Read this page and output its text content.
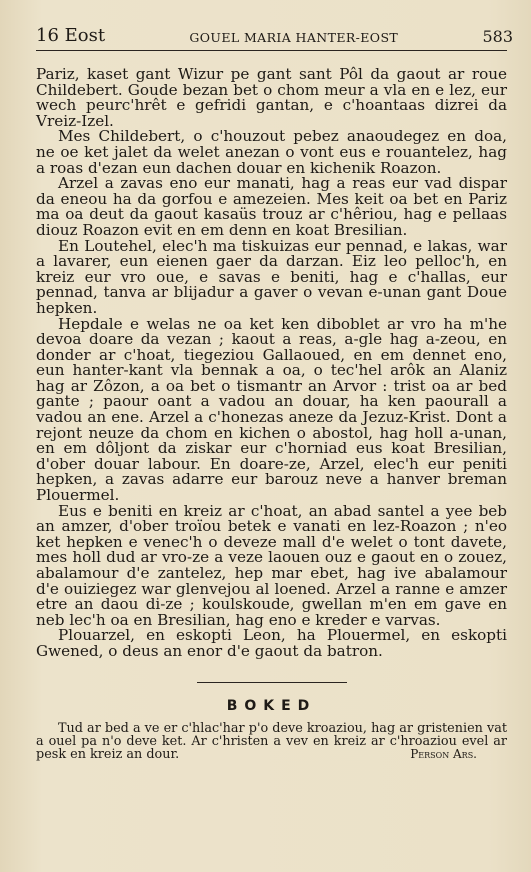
16 Eost	GOUEL MARIA HANTER-EOST	583

Pariz, kaset gant Wizur pe gant sant Pôl da gaout ar roue Childebert. Goude bezan bet o chom meur a vla en e lez, eur wech peurc'hrêt e gefridi gantan, e c'hoantaas dizrei da Vreiz-Izel.

Mes Childebert, o c'houzout pebez anaoudegez en doa, ne oe ket jalet da welet anezan o vont eus e rouantelez, hag a roas d'ezan eun dachen douar en kichenik Roazon.

Arzel a zavas eno eur manati, hag a reas eur vad dispar da eneou ha da gorfou e amezeien. Mes keit oa bet en Pariz ma oa deut da gaout kasaüs trouz ar c'hêriou, hag e pellaas diouz Roazon evit en em denn en koat Bresilian.

En Loutehel, elec'h ma tiskuizas eur pennad, e lakas, war a lavarer, eun eienen gaer da darzan. Eiz leo pelloc'h, en kreiz eur vro oue, e savas e beniti, hag e c'hallas, eur pennad, tanva ar blijadur a gaver o vevan e-unan gant Doue hepken.

Hepdale e welas ne oa ket ken diboblet ar vro ha m'he devoa doare da vezan ; kaout a reas, a-gle hag a-zeou, en donder ar c'hoat, tiegeziou Gallaoued, en em dennet eno, eun hanter-kant vla bennak a oa, o tec'hel arôk an Alaniz hag ar Zôzon, a oa bet o tismantr an Arvor : trist oa ar bed gante ; paour oant a vadou an douar, ha ken paourall a vadou an ene. Arzel a c'honezas aneze da Jezuz-Krist. Dont a rejont neuze da chom en kichen o abostol, hag holl a-unan, en em dôljont da ziskar eur c'horniad eus koat Bresilian, d'ober douar labour. En doare-ze, Arzel, elec'h eur peniti hepken, a zavas adarre eur barouz neve a hanver breman Plouermel.

Eus e beniti en kreiz ar c'hoat, an abad santel a yee beb an amzer, d'ober troïou betek e vanati en lez-Roazon ; n'eo ket hepken e venec'h o deveze mall d'e welet o tont davete, mes holl dud ar vro-ze a veze laouen ouz e gaout en o zouez, abalamour d'e zantelez, hep mar ebet, hag ive abalamour d'e ouiziegez war glenvejou al loened. Arzel a ranne e amzer etre an daou di-ze ; koulskoude, gwellan m'en em gave en neb lec'h oa en Bresilian, hag eno e kreder e varvas.

Plouarzel, en eskopti Leon, ha Plouermel, en eskopti Gwened, o deus an enor d'e gaout da batron.

BOKED

Tud ar bed a ve er c'hlac'har p'o deve kroaziou, hag ar gristenien vat a ouel pa n'o deve ket. Ar c'hristen a vev en kreiz ar c'hroaziou evel ar pesk en kreiz an dour.	Person Ars.
